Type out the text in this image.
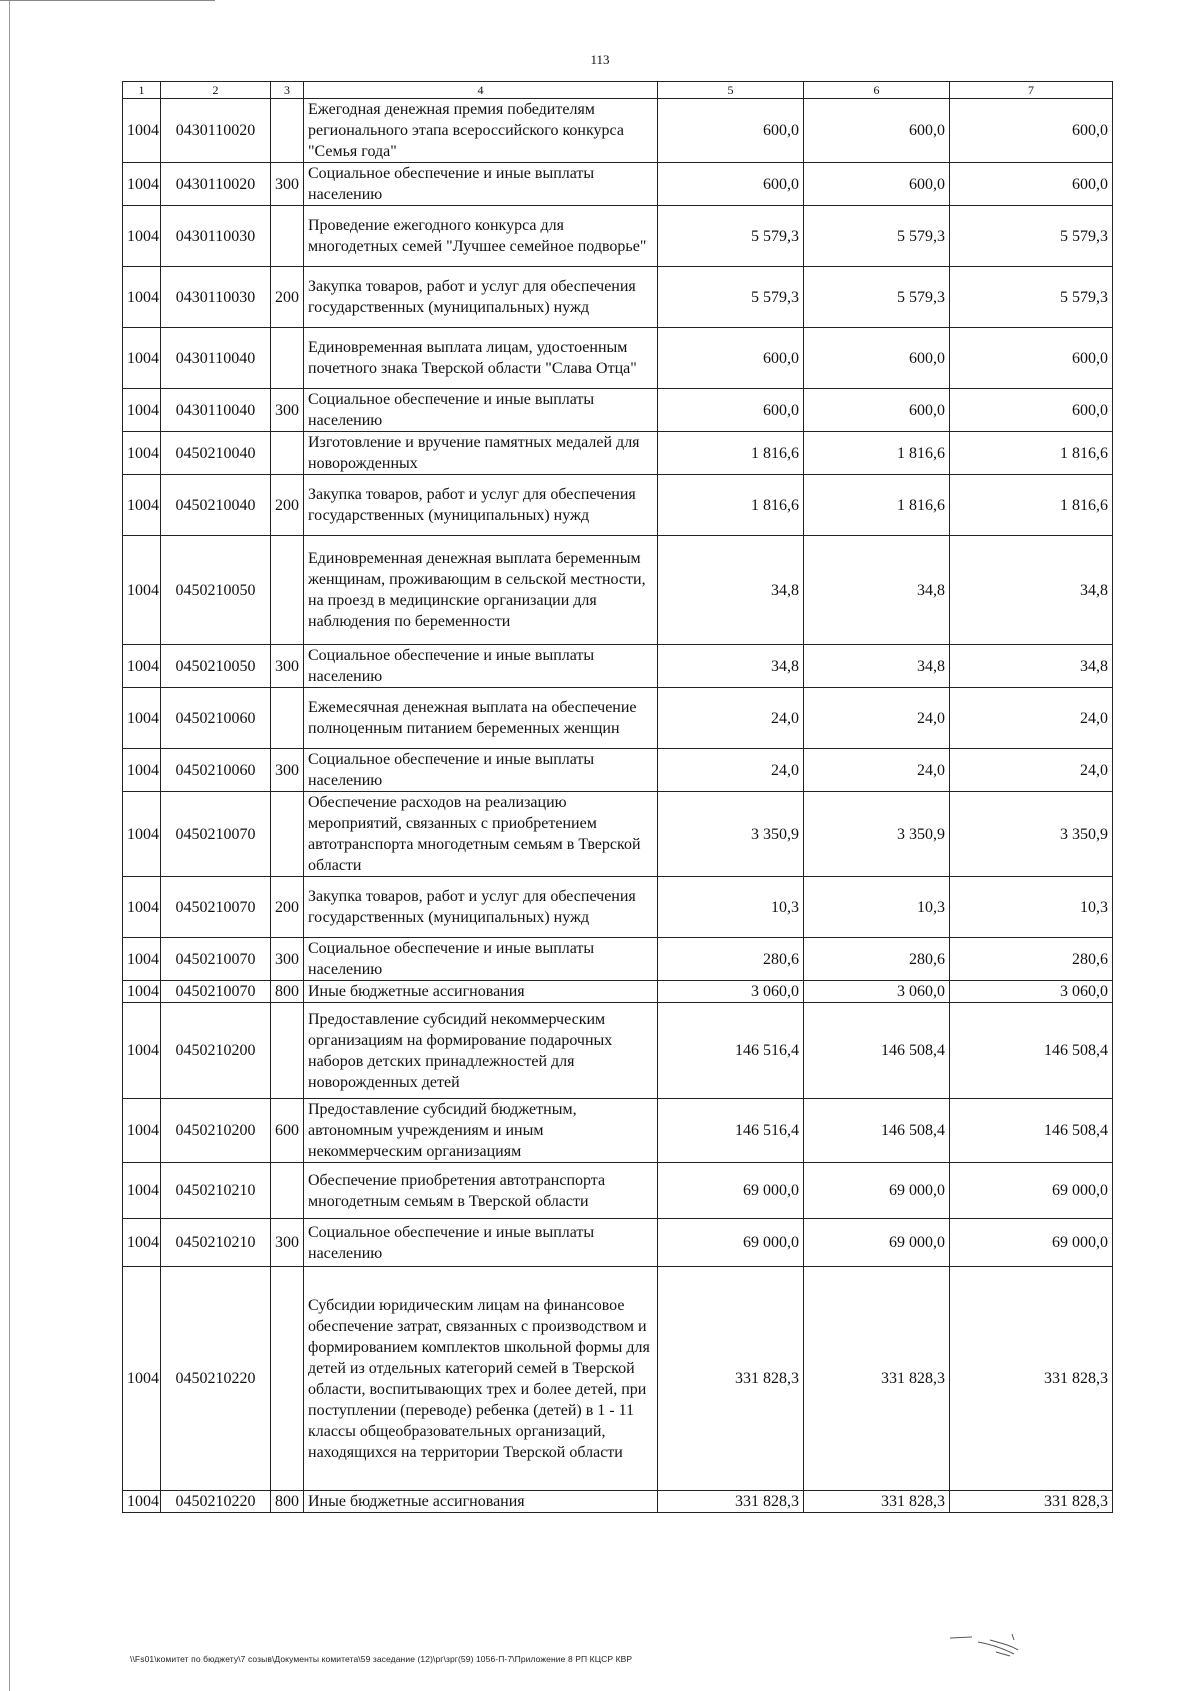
113
1	2	3	4	5	6	7
1004	0430110020		Ежегодная денежная премия победителям регионального этапа всероссийского конкурса "Семья года"	600,0	600,0	600,0
1004	0430110020	300	Социальное обеспечение и иные выплаты населению	600,0	600,0	600,0
1004	0430110030		Проведение ежегодного конкурса для многодетных семей "Лучшее семейное подворье"	5 579,3	5 579,3	5 579,3
1004	0430110030	200	Закупка товаров, работ и услуг для обеспечения государственных (муниципальных) нужд	5 579,3	5 579,3	5 579,3
1004	0430110040		Единовременная выплата лицам, удостоенным почетного знака Тверской области "Слава Отца"	600,0	600,0	600,0
1004	0430110040	300	Социальное обеспечение и иные выплаты населению	600,0	600,0	600,0
1004	0450210040		Изготовление и вручение памятных медалей для новорожденных	1 816,6	1 816,6	1 816,6
1004	0450210040	200	Закупка товаров, работ и услуг для обеспечения государственных (муниципальных) нужд	1 816,6	1 816,6	1 816,6
1004	0450210050		Единовременная денежная выплата беременным женщинам, проживающим в сельской местности, на проезд в медицинские организации для наблюдения по беременности	34,8	34,8	34,8
1004	0450210050	300	Социальное обеспечение и иные выплаты населению	34,8	34,8	34,8
1004	0450210060		Ежемесячная денежная выплата на обеспечение полноценным питанием беременных женщин	24,0	24,0	24,0
1004	0450210060	300	Социальное обеспечение и иные выплаты населению	24,0	24,0	24,0
1004	0450210070		Обеспечение расходов на реализацию мероприятий, связанных с приобретением автотранспорта многодетным семьям в Тверской области	3 350,9	3 350,9	3 350,9
1004	0450210070	200	Закупка товаров, работ и услуг для обеспечения государственных (муниципальных) нужд	10,3	10,3	10,3
1004	0450210070	300	Социальное обеспечение и иные выплаты населению	280,6	280,6	280,6
1004	0450210070	800	Иные бюджетные ассигнования	3 060,0	3 060,0	3 060,0
1004	0450210200		Предоставление субсидий некоммерческим организациям на формирование подарочных наборов детских принадлежностей для новорожденных детей	146 516,4	146 508,4	146 508,4
1004	0450210200	600	Предоставление субсидий бюджетным, автономным учреждениям и иным некоммерческим организациям	146 516,4	146 508,4	146 508,4
1004	0450210210		Обеспечение приобретения автотранспорта многодетным семьям в Тверской области	69 000,0	69 000,0	69 000,0
1004	0450210210	300	Социальное обеспечение и иные выплаты населению	69 000,0	69 000,0	69 000,0
1004	0450210220		Субсидии юридическим лицам на финансовое обеспечение затрат, связанных с производством и формированием комплектов школьной формы для детей из отдельных категорий семей в Тверской области, воспитывающих трех и более детей, при поступлении (переводе) ребенка (детей) в 1 - 11 классы общеобразовательных организаций, находящихся на территории Тверской области	331 828,3	331 828,3	331 828,3
1004	0450210220	800	Иные бюджетные ассигнования	331 828,3	331 828,3	331 828,3
\\Fs01\комитет по бюджету\7 созыв\Документы комитета\59 заседание (12)\рг\зрг(59) 1056-П-7\Приложение 8 РП КЦСР КВР
